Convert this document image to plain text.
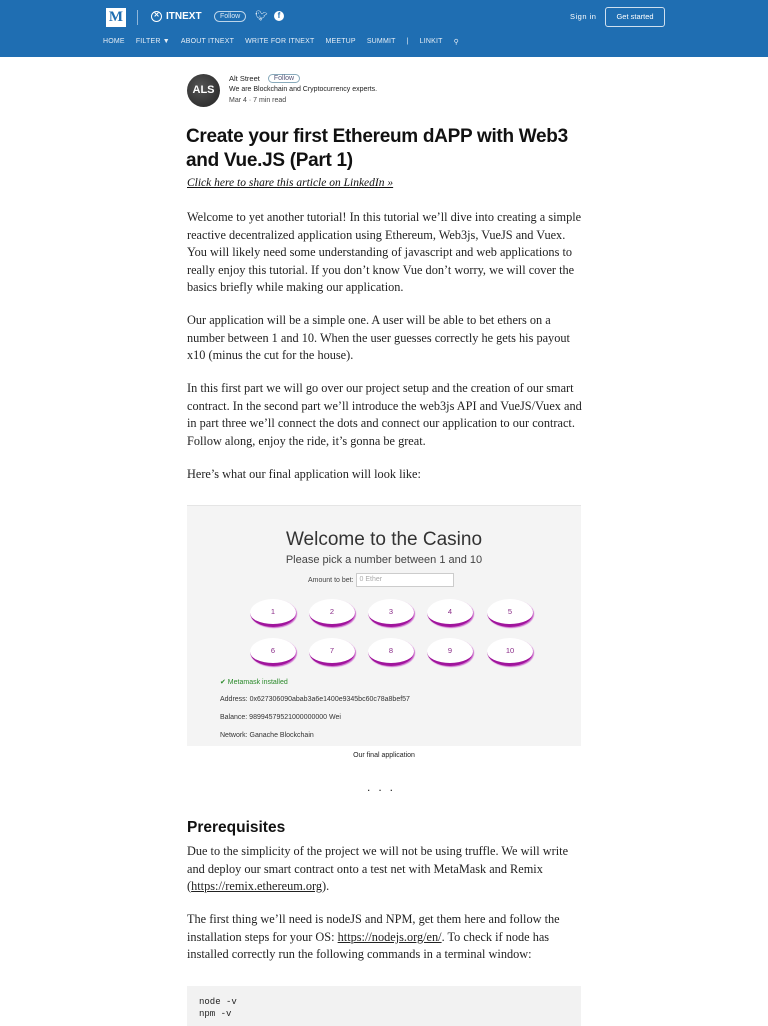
M	✕ ITNEXT	Follow	🐦︎	f	Sign in	Get started
HOME FILTER ▼ ABOUT ITNEXT WRITE FOR ITNEXT MEETUP SUMMIT | LINKIT ⚲
ALS
Alt Street	Follow
We are Blockchain and Cryptocurrency experts.
Mar 4 · 7 min read
Create your first Ethereum dAPP with Web3 and Vue.JS (Part 1)
Click here to share this article on LinkedIn »

Welcome to yet another tutorial! In this tutorial we’ll dive into creating a simple reactive decentralized application using Ethereum, Web3js, VueJS and Vuex. You will likely need some understanding of javascript and web applications to really enjoy this tutorial. If you don’t know Vue don’t worry, we will cover the basics briefly while making our application.

Our application will be a simple one. A user will be able to bet ethers on a number between 1 and 10. When the user guesses correctly he gets his payout x10 (minus the cut for the house).

In this first part we will go over our project setup and the creation of our smart contract. In the second part we’ll introduce the web3js API and VueJS/Vuex and in part three we’ll connect the dots and connect our application to our contract. Follow along, enjoy the ride, it’s gonna be great.

Here’s what our final application will look like:

Welcome to the Casino
Please pick a number between 1 and 10
Amount to bet: 0 Ether
1	2	3	4	5
6	7	8	9	10
✔ Metamask installed
Address: 0x627306090abab3a6e1400e9345bc60c78a8bef57
Balance: 98994579521000000000 Wei
Network: Ganache Blockchain
Our final application
...
Prerequisites

Due to the simplicity of the project we will not be using truffle. We will write and deploy our smart contract onto a test net with MetaMask and Remix (https://remix.ethereum.org).

The first thing we’ll need is nodeJS and NPM, get them here and follow the installation steps for your OS: https://nodejs.org/en/. To check if node has installed correctly run the following commands in a terminal window:

node -v
npm -v
